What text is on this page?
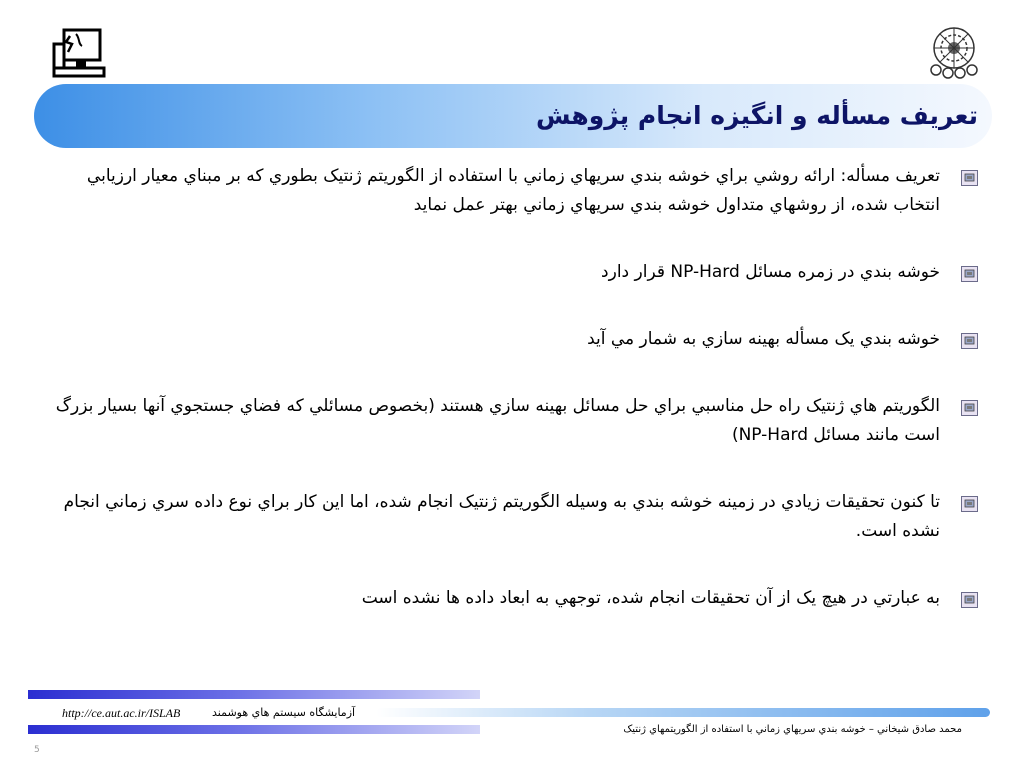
تعريف مسأله و انگيزه انجام پژوهش
تعريف مسأله: ارائه روشي براي خوشه بندي سريهاي زماني با استفاده از الگوريتم ژنتيک بطوري که بر مبناي معيار ارزيابي انتخاب شده، از روشهاي متداول خوشه بندي سريهاي زماني بهتر عمل نمايد
خوشه بندي در زمره مسائل NP-Hard قرار دارد
خوشه بندي يک مسأله بهينه سازي به شمار مي آيد
الگوريتم هاي ژنتيک راه حل مناسبي براي حل مسائل بهينه سازي هستند (بخصوص مسائلي که فضاي جستجوي آنها بسيار بزرگ است مانند مسائل NP-Hard)
تا کنون تحقيقات زيادي در زمينه خوشه بندي به وسيله الگوريتم ژنتيک انجام شده، اما اين کار براي نوع داده سري زماني انجام نشده است.
به عبارتي در هيچ يک از آن تحقيقات انجام شده، توجهي به ابعاد داده ها نشده است
http://ce.aut.ac.ir/ISLAB	آزمايشگاه سيستم هاي هوشمند
محمد صادق شيخاني – خوشه بندي سريهاي زماني با استفاده از الگوريتمهاي ژنتيک
5
